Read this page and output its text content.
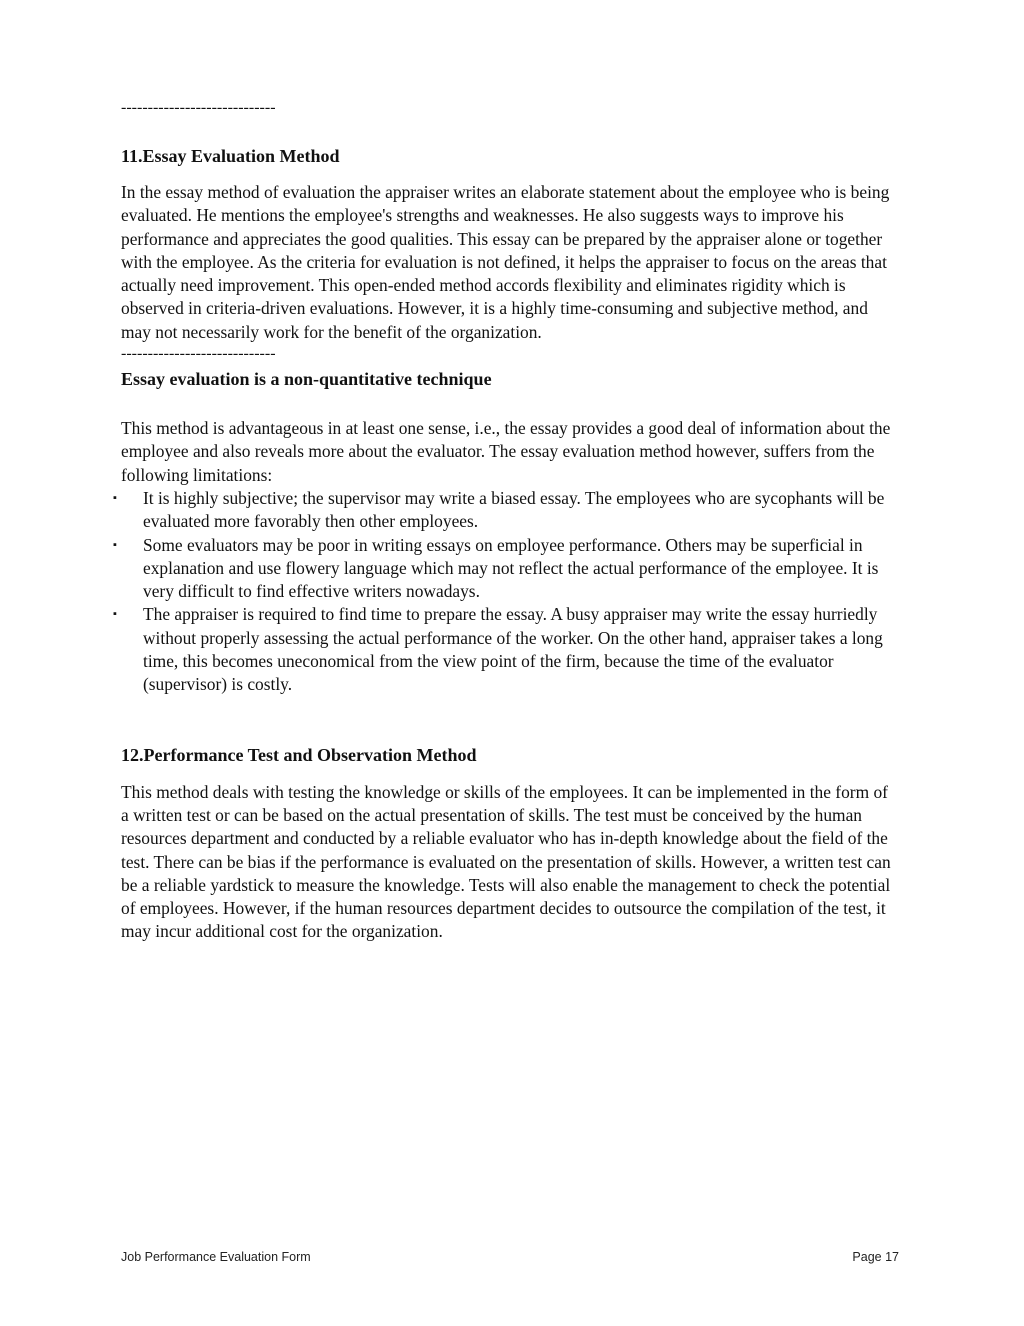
-----------------------------

11.Essay Evaluation Method

In the essay method of evaluation the appraiser writes an elaborate statement about the employee who is being evaluated. He mentions the employee's strengths and weaknesses. He also suggests ways to improve his performance and appreciates the good qualities. This essay can be prepared by the appraiser alone or together with the employee. As the criteria for evaluation is not defined, it helps the appraiser to focus on the areas that actually need improvement. This open-ended method accords flexibility and eliminates rigidity which is observed in criteria-driven evaluations. However, it is a highly time-consuming and subjective method, and may not necessarily work for the benefit of the organization.

-----------------------------

Essay evaluation is a non-quantitative technique

This method is advantageous in at least one sense, i.e., the essay provides a good deal of information about the employee and also reveals more about the evaluator. The essay evaluation method however, suffers from the following limitations:

▪ It is highly subjective; the supervisor may write a biased essay. The employees who are sycophants will be evaluated more favorably then other employees.
▪ Some evaluators may be poor in writing essays on employee performance. Others may be superficial in explanation and use flowery language which may not reflect the actual performance of the employee. It is very difficult to find effective writers nowadays.
▪ The appraiser is required to find time to prepare the essay. A busy appraiser may write the essay hurriedly without properly assessing the actual performance of the worker. On the other hand, appraiser takes a long time, this becomes uneconomical from the view point of the firm, because the time of the evaluator (supervisor) is costly.
12.Performance Test and Observation Method

This method deals with testing the knowledge or skills of the employees. It can be implemented in the form of a written test or can be based on the actual presentation of skills. The test must be conceived by the human resources department and conducted by a reliable evaluator who has in-depth knowledge about the field of the test. There can be bias if the performance is evaluated on the presentation of skills. However, a written test can be a reliable yardstick to measure the knowledge. Tests will also enable the management to check the potential of employees. However, if the human resources department decides to outsource the compilation of the test, it may incur additional cost for the organization.

Job Performance Evaluation Form	Page 17
